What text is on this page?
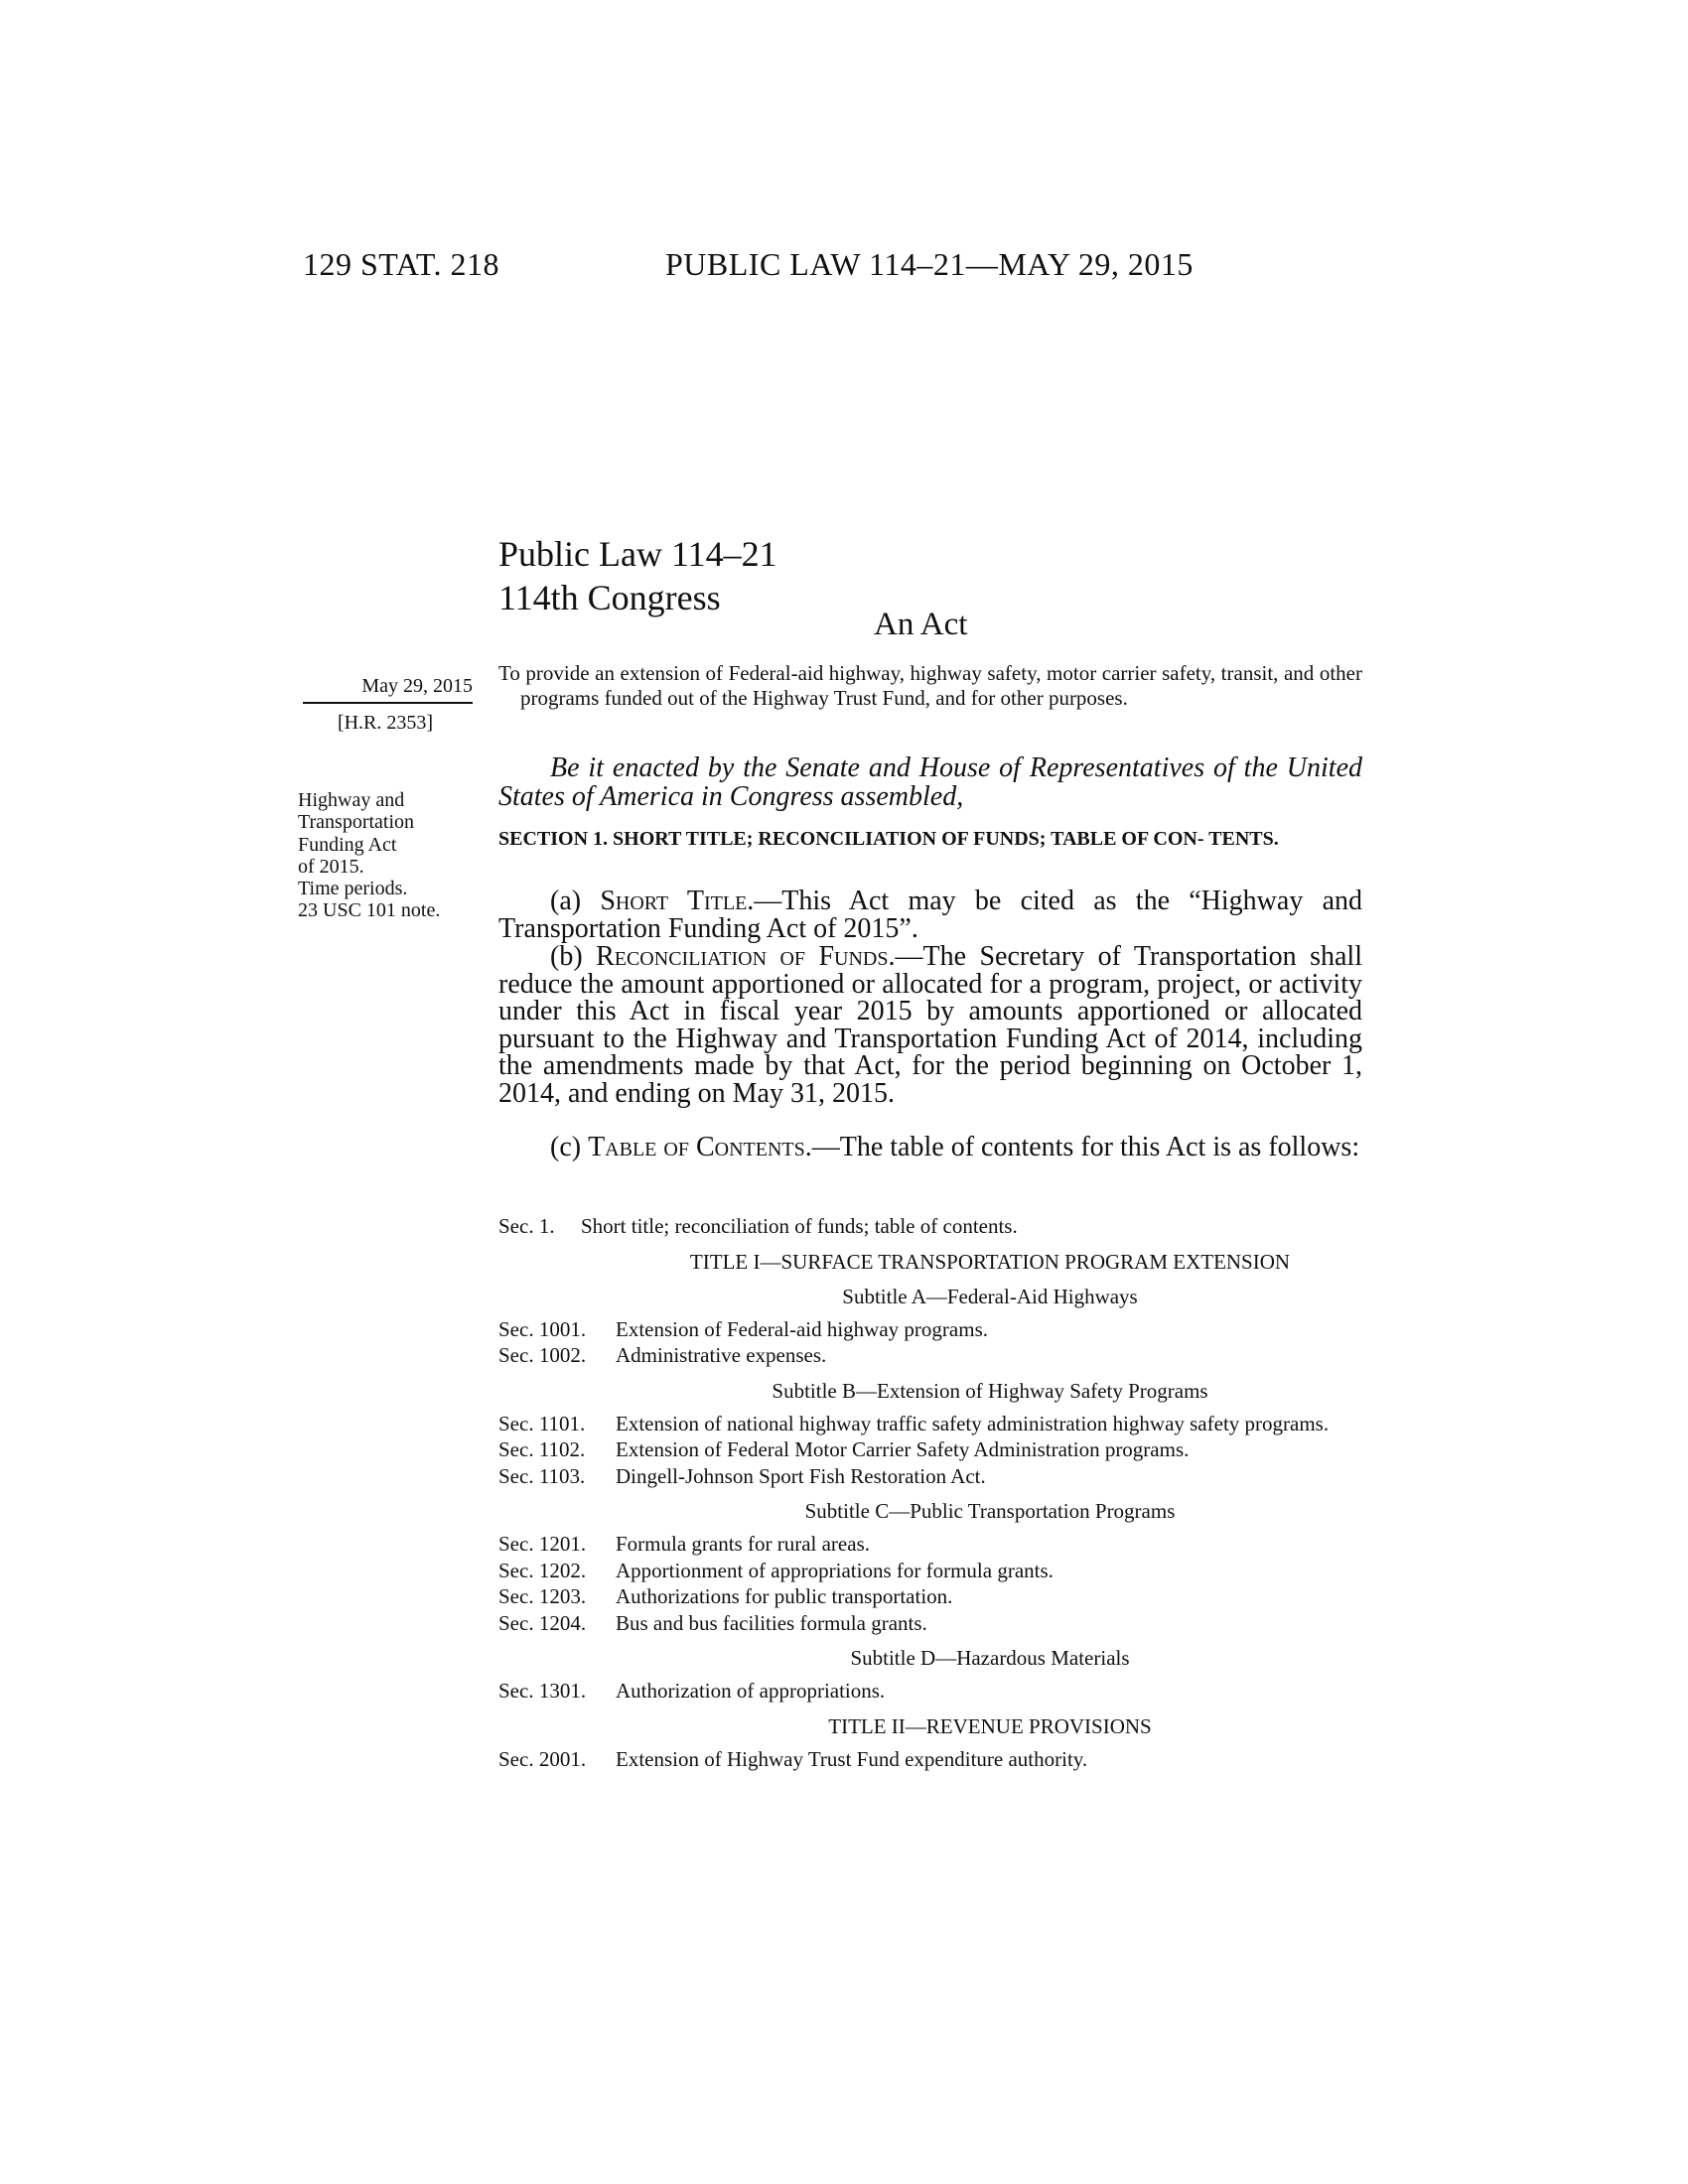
129 STAT. 218	PUBLIC LAW 114–21—MAY 29, 2015
Public Law 114–21
114th Congress
An Act
May 29, 2015
[H.R. 2353]
Highway and
Transportation
Funding Act
of 2015.
Time periods.
23 USC 101 note.
To provide an extension of Federal-aid highway, highway safety, motor carrier safety, transit, and other programs funded out of the Highway Trust Fund, and for other purposes.
Be it enacted by the Senate and House of Representatives of the United States of America in Congress assembled,
SECTION 1. SHORT TITLE; RECONCILIATION OF FUNDS; TABLE OF CON- TENTS.
(a) Short Title.—This Act may be cited as the “Highway and Transportation Funding Act of 2015”.
(b) Reconciliation of Funds.—The Secretary of Transportation shall reduce the amount apportioned or allocated for a program, project, or activity under this Act in fiscal year 2015 by amounts apportioned or allocated pursuant to the Highway and Transportation Funding Act of 2014, including the amendments made by that Act, for the period beginning on October 1, 2014, and ending on May 31, 2015.
(c) Table of Contents.—The table of contents for this Act is as follows:
Sec. 1.	Short title; reconciliation of funds; table of contents.
TITLE I—SURFACE TRANSPORTATION PROGRAM EXTENSION
Subtitle A—Federal-Aid Highways
Sec. 1001.	Extension of Federal-aid highway programs.
Sec. 1002.	Administrative expenses.
Subtitle B—Extension of Highway Safety Programs
Sec. 1101.	Extension of national highway traffic safety administration highway safety programs.
Sec. 1102.	Extension of Federal Motor Carrier Safety Administration programs.
Sec. 1103.	Dingell-Johnson Sport Fish Restoration Act.
Subtitle C—Public Transportation Programs
Sec. 1201.	Formula grants for rural areas.
Sec. 1202.	Apportionment of appropriations for formula grants.
Sec. 1203.	Authorizations for public transportation.
Sec. 1204.	Bus and bus facilities formula grants.
Subtitle D—Hazardous Materials
Sec. 1301.	Authorization of appropriations.
TITLE II—REVENUE PROVISIONS
Sec. 2001.	Extension of Highway Trust Fund expenditure authority.
